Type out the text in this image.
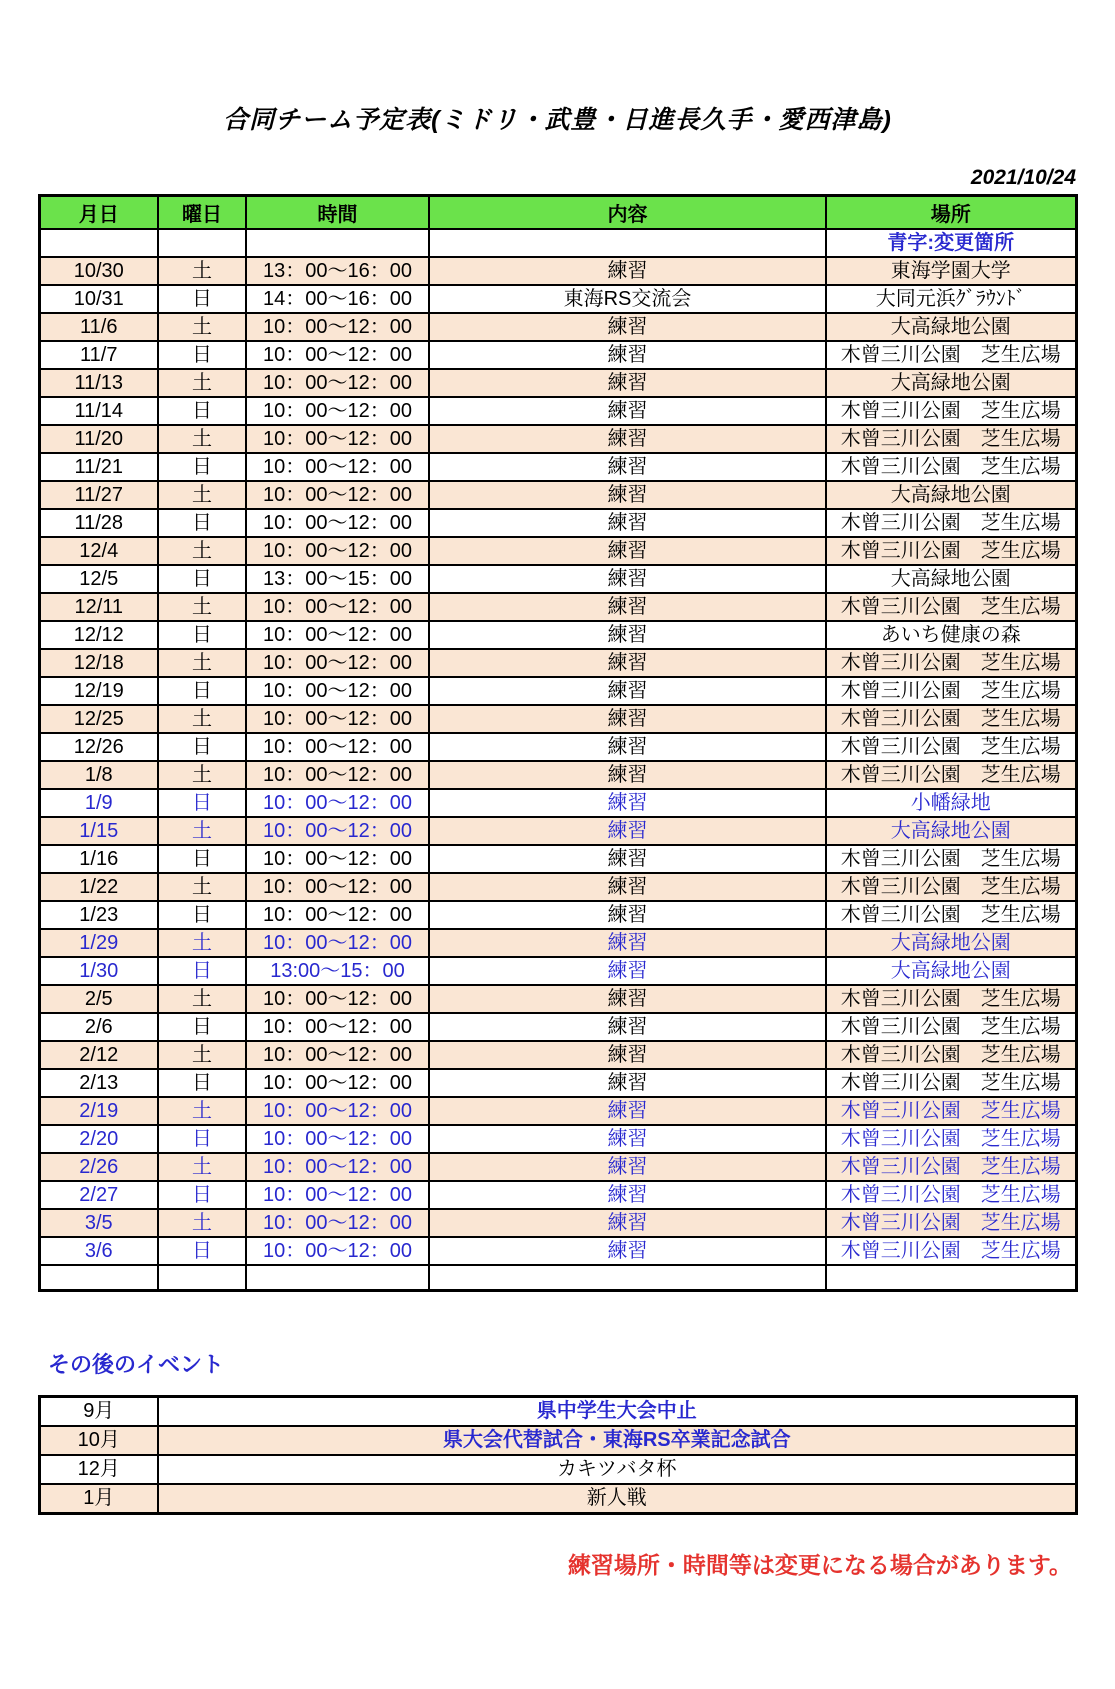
合同チーム予定表(ミドリ・武豊・日進長久手・愛西津島)
2021/10/24
月日	曜日	時間	内容	場所
				青字:変更箇所
10/30	土	13：00～16：00	練習	東海学園大学
10/31	日	14：00～16：00	東海RS交流会	大同元浜ｸﾞﾗｳﾝﾄﾞ
11/6	土	10：00～12：00	練習	大高緑地公園
11/7	日	10：00～12：00	練習	木曾三川公園　芝生広場
11/13	土	10：00～12：00	練習	大高緑地公園
11/14	日	10：00～12：00	練習	木曾三川公園　芝生広場
11/20	土	10：00～12：00	練習	木曾三川公園　芝生広場
11/21	日	10：00～12：00	練習	木曾三川公園　芝生広場
11/27	土	10：00～12：00	練習	大高緑地公園
11/28	日	10：00～12：00	練習	木曾三川公園　芝生広場
12/4	土	10：00～12：00	練習	木曾三川公園　芝生広場
12/5	日	13：00～15：00	練習	大高緑地公園
12/11	土	10：00～12：00	練習	木曾三川公園　芝生広場
12/12	日	10：00～12：00	練習	あいち健康の森
12/18	土	10：00～12：00	練習	木曾三川公園　芝生広場
12/19	日	10：00～12：00	練習	木曾三川公園　芝生広場
12/25	土	10：00～12：00	練習	木曾三川公園　芝生広場
12/26	日	10：00～12：00	練習	木曾三川公園　芝生広場
1/8	土	10：00～12：00	練習	木曾三川公園　芝生広場
1/9	日	10：00～12：00	練習	小幡緑地
1/15	土	10：00～12：00	練習	大高緑地公園
1/16	日	10：00～12：00	練習	木曾三川公園　芝生広場
1/22	土	10：00～12：00	練習	木曾三川公園　芝生広場
1/23	日	10：00～12：00	練習	木曾三川公園　芝生広場
1/29	土	10：00～12：00	練習	大高緑地公園
1/30	日	13:00～15：00	練習	大高緑地公園
2/5	土	10：00～12：00	練習	木曾三川公園　芝生広場
2/6	日	10：00～12：00	練習	木曾三川公園　芝生広場
2/12	土	10：00～12：00	練習	木曾三川公園　芝生広場
2/13	日	10：00～12：00	練習	木曾三川公園　芝生広場
2/19	土	10：00～12：00	練習	木曾三川公園　芝生広場
2/20	日	10：00～12：00	練習	木曾三川公園　芝生広場
2/26	土	10：00～12：00	練習	木曾三川公園　芝生広場
2/27	日	10：00～12：00	練習	木曾三川公園　芝生広場
3/5	土	10：00～12：00	練習	木曾三川公園　芝生広場
3/6	日	10：00～12：00	練習	木曾三川公園　芝生広場

その後のイベント
9月	県中学生大会中止
10月	県大会代替試合・東海RS卒業記念試合
12月	カキツバタ杯
1月	新人戦
練習場所・時間等は変更になる場合があります。
